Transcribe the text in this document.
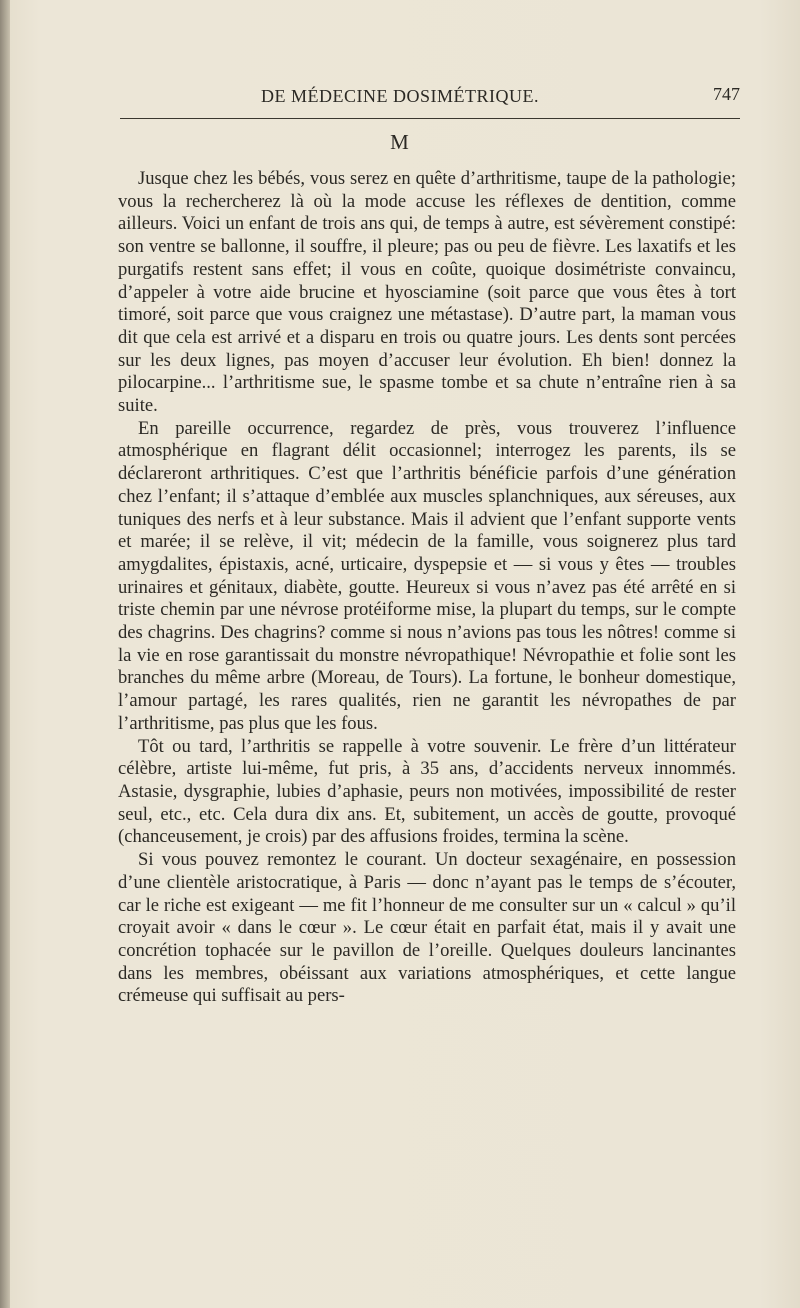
DE MÉDECINE DOSIMÉTRIQUE.	747
M

Jusque chez les bébés, vous serez en quête d’arthritisme, taupe de la pathologie; vous la rechercherez là où la mode accuse les réflexes de dentition, comme ailleurs. Voici un enfant de trois ans qui, de temps à autre, est sévèrement constipé: son ventre se ballonne, il souffre, il pleure; pas ou peu de fièvre. Les laxatifs et les purgatifs restent sans effet; il vous en coûte, quoique dosimétriste convaincu, d’appeler à votre aide brucine et hyosciamine (soit parce que vous êtes à tort timoré, soit parce que vous craignez une métastase). D’autre part, la maman vous dit que cela est arrivé et a disparu en trois ou quatre jours. Les dents sont percées sur les deux lignes, pas moyen d’accuser leur évolution. Eh bien! donnez la pilocarpine... l’arthritisme sue, le spasme tombe et sa chute n’entraîne rien à sa suite.

En pareille occurrence, regardez de près, vous trouverez l’influence atmosphérique en flagrant délit occasionnel; interrogez les parents, ils se déclareront arthritiques. C’est que l’arthritis bénéficie parfois d’une génération chez l’enfant; il s’attaque d’emblée aux muscles splanchniques, aux séreuses, aux tuniques des nerfs et à leur substance. Mais il advient que l’enfant supporte vents et marée; il se relève, il vit; médecin de la famille, vous soignerez plus tard amygdalites, épistaxis, acné, urticaire, dyspepsie et — si vous y êtes — troubles urinaires et génitaux, diabète, goutte. Heureux si vous n’avez pas été arrêté en si triste chemin par une névrose protéiforme mise, la plupart du temps, sur le compte des chagrins. Des chagrins? comme si nous n’avions pas tous les nôtres! comme si la vie en rose garantissait du monstre névropathique! Névropathie et folie sont les branches du même arbre (Moreau, de Tours). La fortune, le bonheur domestique, l’amour partagé, les rares qualités, rien ne garantit les névropathes de par l’arthritisme, pas plus que les fous.

Tôt ou tard, l’arthritis se rappelle à votre souvenir. Le frère d’un littérateur célèbre, artiste lui-même, fut pris, à 35 ans, d’accidents nerveux innommés. Astasie, dysgraphie, lubies d’aphasie, peurs non motivées, impossibilité de rester seul, etc., etc. Cela dura dix ans. Et, subitement, un accès de goutte, provoqué (chanceusement, je crois) par des affusions froides, termina la scène.

Si vous pouvez remontez le courant. Un docteur sexagénaire, en possession d’une clientèle aristocratique, à Paris — donc n’ayant pas le temps de s’écouter, car le riche est exigeant — me fit l’honneur de me consulter sur un « calcul » qu’il croyait avoir « dans le cœur ». Le cœur était en parfait état, mais il y avait une concrétion tophacée sur le pavillon de l’oreille. Quelques douleurs lancinantes dans les membres, obéissant aux variations atmosphériques, et cette langue crémeuse qui suffisait au pers-
